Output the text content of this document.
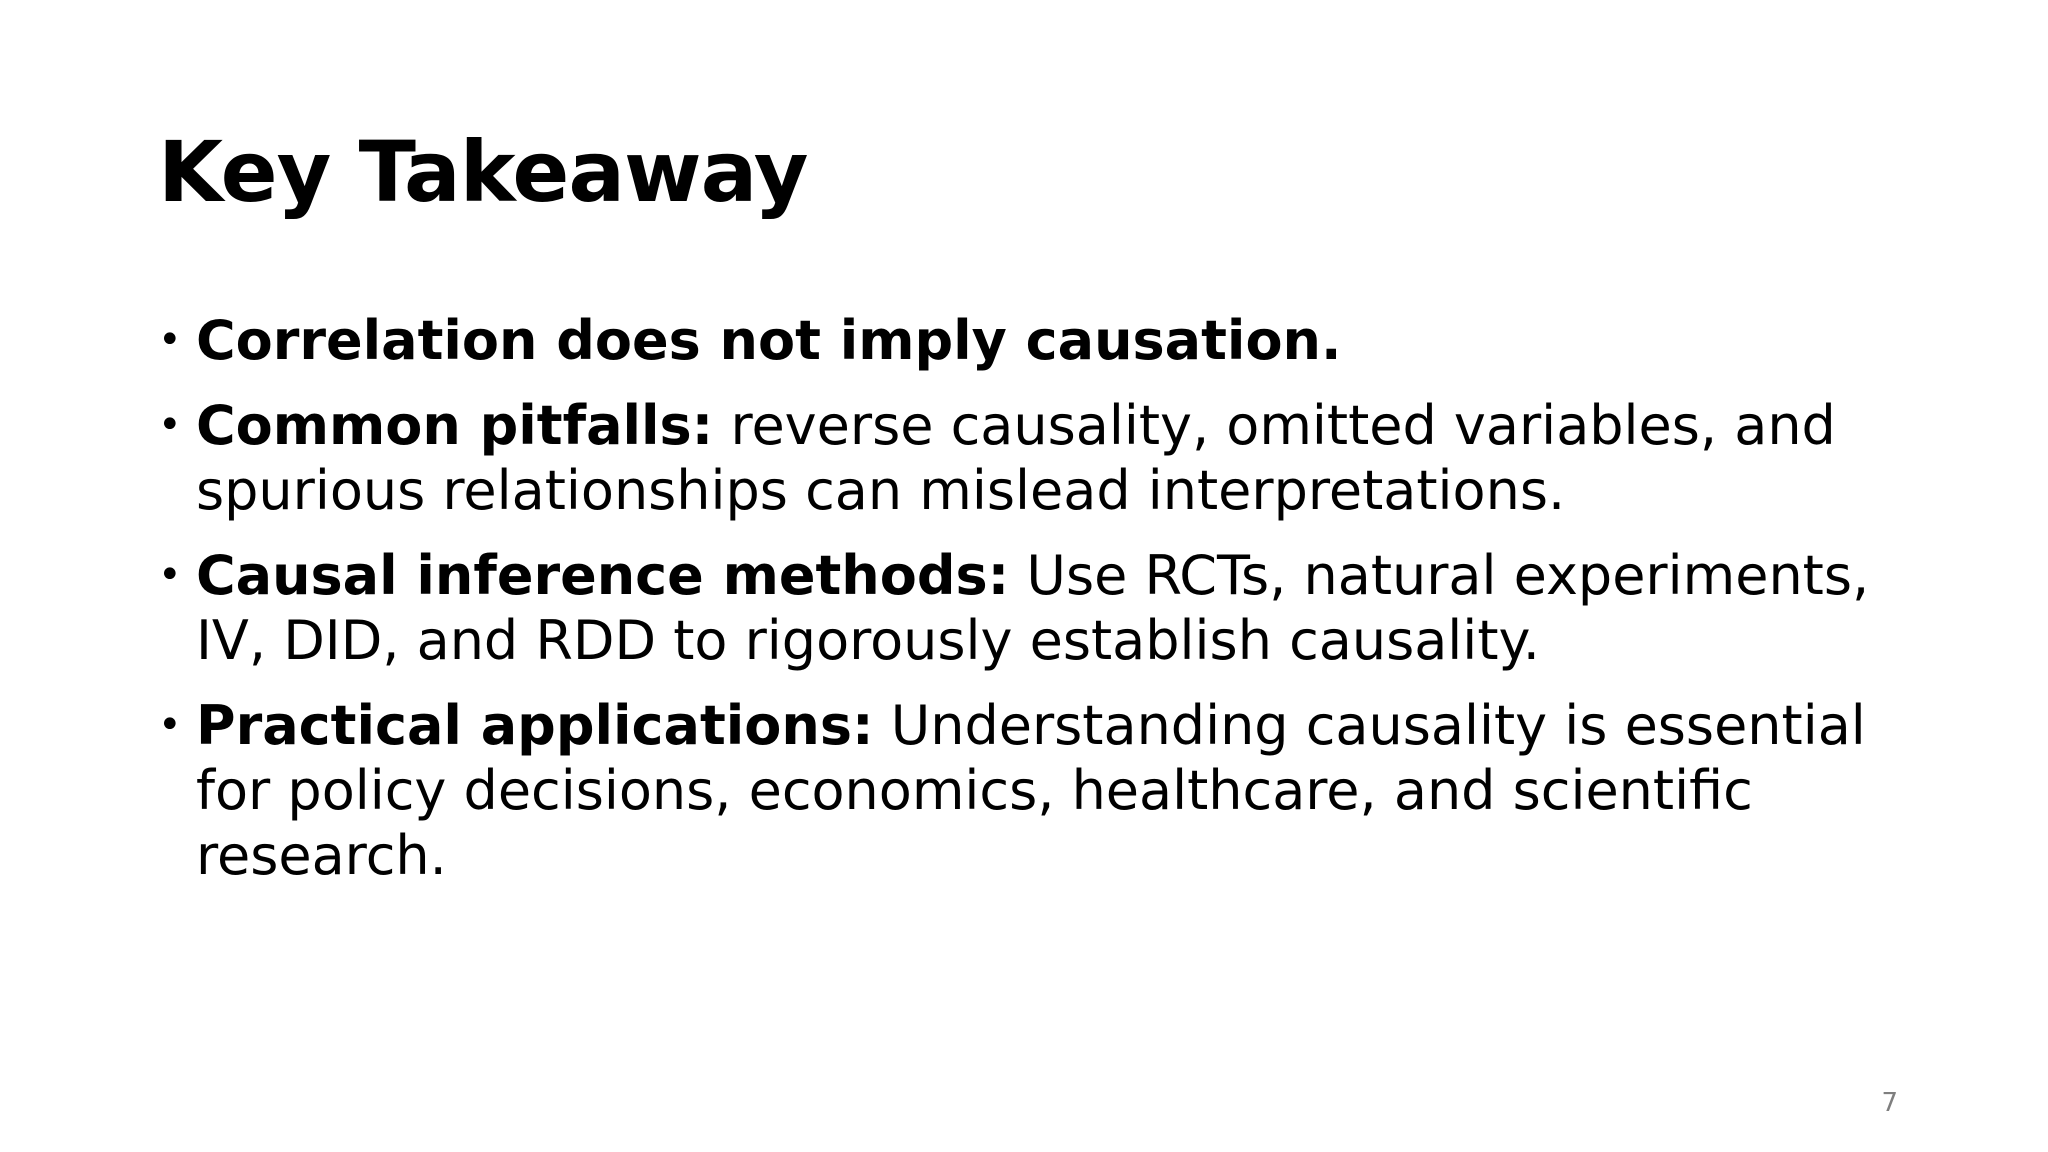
Key Takeaway
• Correlation does not imply causation.
• Common pitfalls: reverse causality, omitted variables, and spurious relationships can mislead interpretations.
• Causal inference methods: Use RCTs, natural experiments, IV, DID, and RDD to rigorously establish causality.
• Practical applications: Understanding causality is essential for policy decisions, economics, healthcare, and scientific research.
7
